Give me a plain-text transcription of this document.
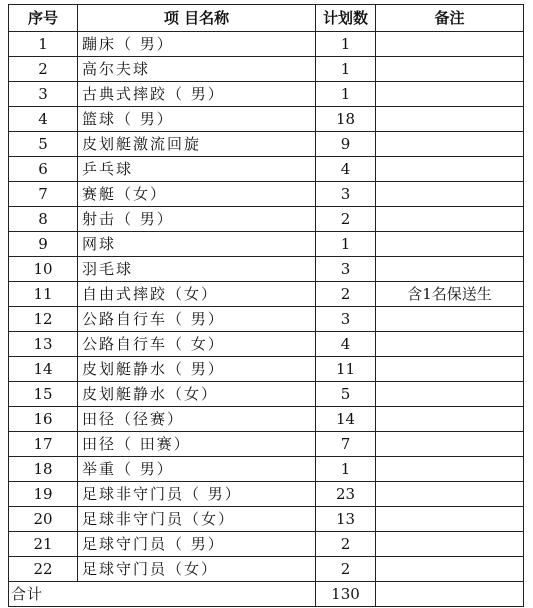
序号	项 目名称	计划数	备注
1	蹦床（ 男）	1	
2	高尔夫球	1	
3	古典式摔跤（ 男）	1	
4	篮球（ 男）	18	
5	皮划艇激流回旋	9	
6	乒乓球	4	
7	赛艇（女）	3	
8	射击（ 男）	2	
9	网球	1	
10	羽毛球	3	
11	自由式摔跤（女）	2	含1名保送生
12	公路自行车（ 男）	3	
13	公路自行车（ 女）	4	
14	皮划艇静水（ 男）	11	
15	皮划艇静水（女）	5	
16	田径（径赛）	14	
17	田径（ 田赛）	7	
18	举重（ 男）	1	
19	足球非守门员（ 男）	23	
20	足球非守门员（女）	13	
21	足球守门员（ 男）	2	
22	足球守门员（女）	2	
合计		130	
